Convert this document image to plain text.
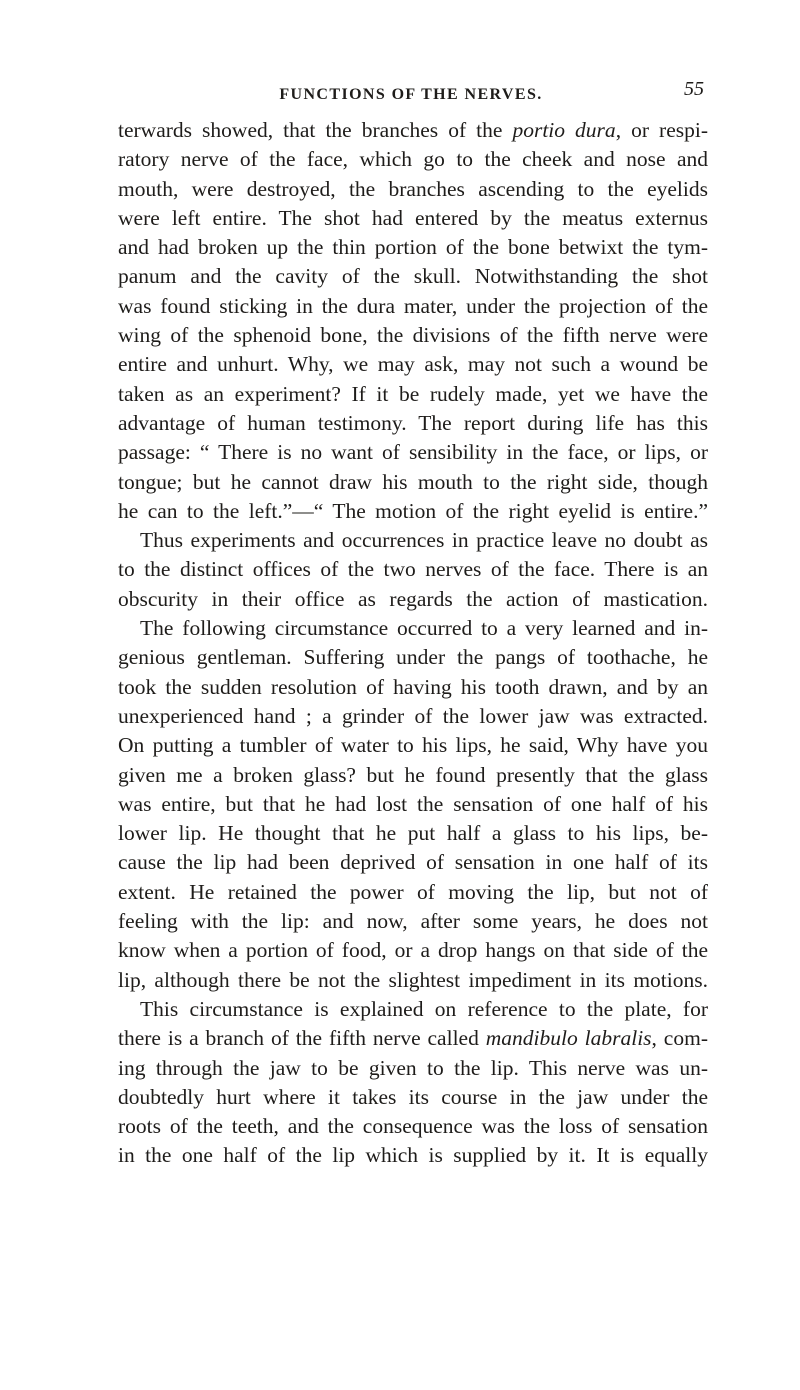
FUNCTIONS OF THE NERVES.	55
terwards showed, that the branches of the portio dura, or respi-
ratory nerve of the face, which go to the cheek and nose and
mouth, were destroyed, the branches ascending to the eyelids
were left entire. The shot had entered by the meatus externus
and had broken up the thin portion of the bone betwixt the tym-
panum and the cavity of the skull. Notwithstanding the shot
was found sticking in the dura mater, under the projection of the
wing of the sphenoid bone, the divisions of the fifth nerve were
entire and unhurt. Why, we may ask, may not such a wound be
taken as an experiment? If it be rudely made, yet we have the
advantage of human testimony. The report during life has this
passage: “ There is no want of sensibility in the face, or lips, or
tongue; but he cannot draw his mouth to the right side, though
he can to the left.”—“ The motion of the right eyelid is entire.”
Thus experiments and occurrences in practice leave no doubt as
to the distinct offices of the two nerves of the face. There is an
obscurity in their office as regards the action of mastication.
The following circumstance occurred to a very learned and in-
genious gentleman. Suffering under the pangs of toothache, he
took the sudden resolution of having his tooth drawn, and by an
unexperienced hand ; a grinder of the lower jaw was extracted.
On putting a tumbler of water to his lips, he said, Why have you
given me a broken glass? but he found presently that the glass
was entire, but that he had lost the sensation of one half of his
lower lip. He thought that he put half a glass to his lips, be-
cause the lip had been deprived of sensation in one half of its
extent. He retained the power of moving the lip, but not of
feeling with the lip: and now, after some years, he does not
know when a portion of food, or a drop hangs on that side of the
lip, although there be not the slightest impediment in its motions.
This circumstance is explained on reference to the plate, for
there is a branch of the fifth nerve called mandibulo labralis, com-
ing through the jaw to be given to the lip. This nerve was un-
doubtedly hurt where it takes its course in the jaw under the
roots of the teeth, and the consequence was the loss of sensation
in the one half of the lip which is supplied by it. It is equally
